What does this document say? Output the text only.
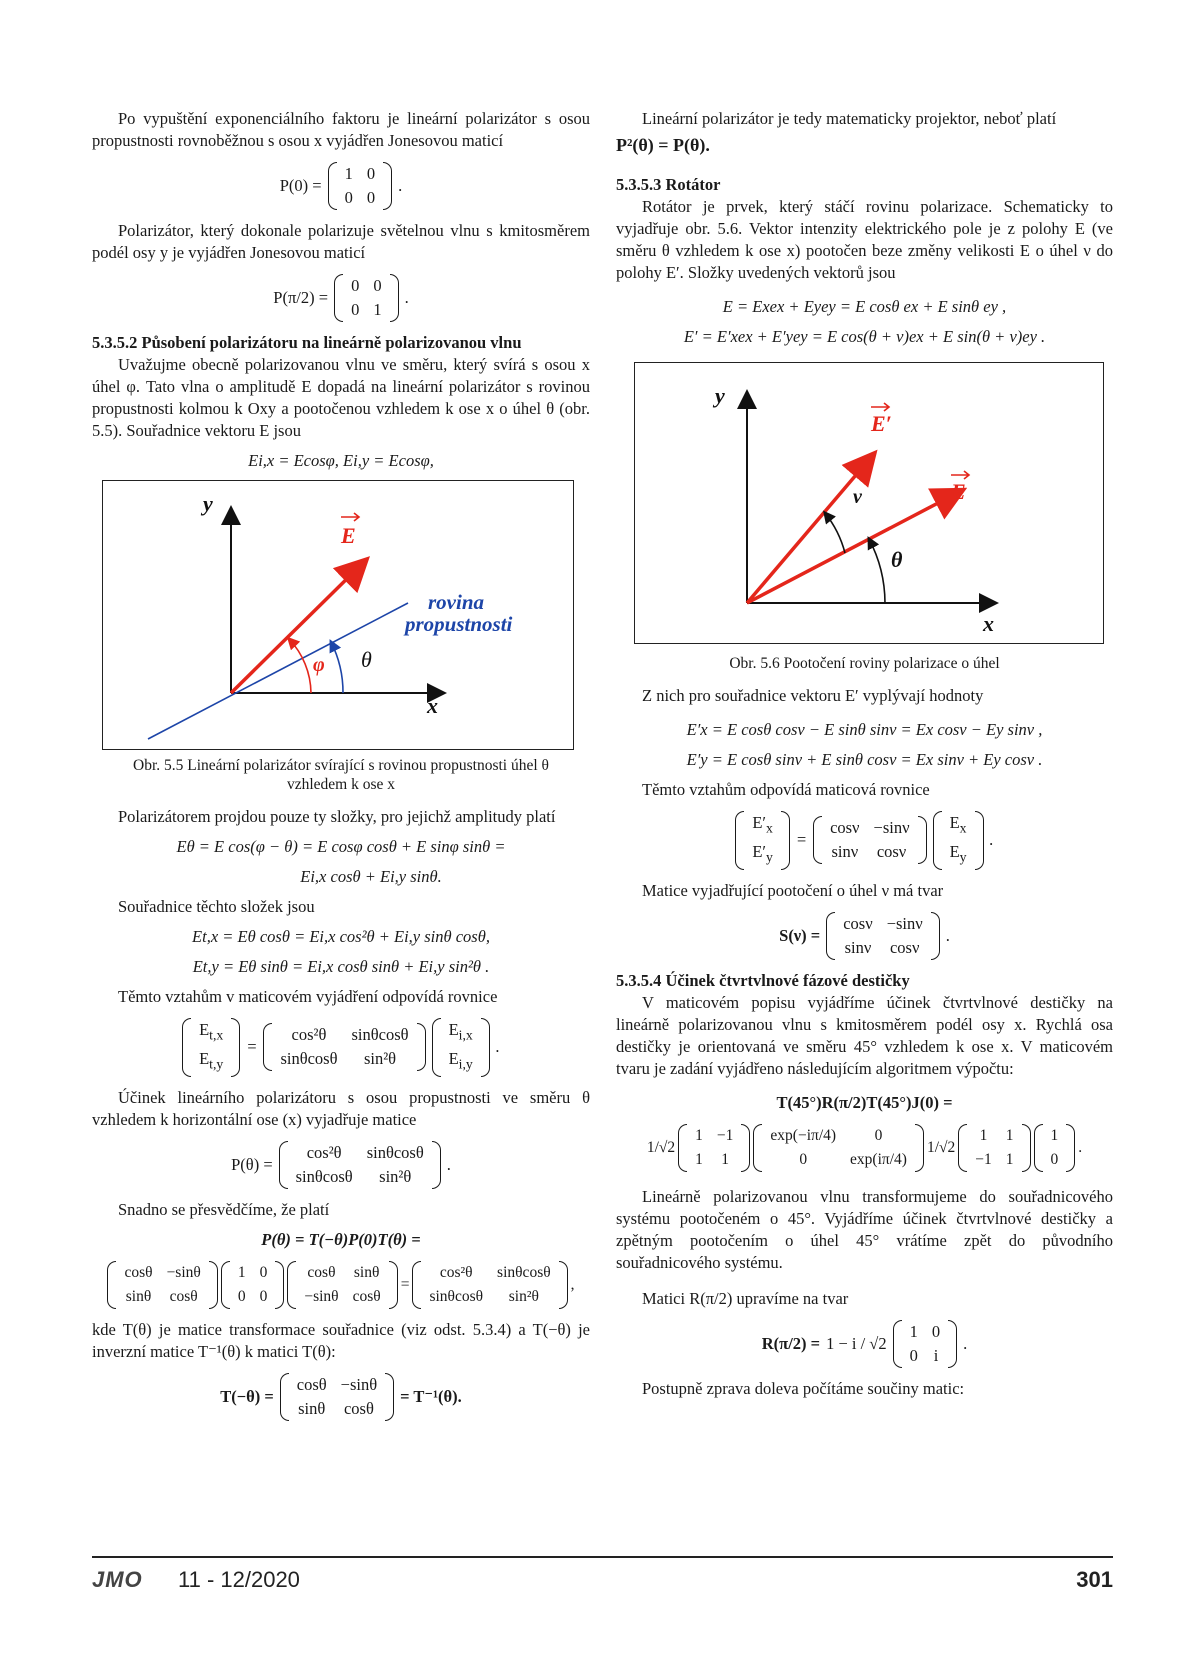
Po vypuštění exponenciálního faktoru je lineární polarizátor s osou propustnosti rovnoběžnou s osou x vyjádřen Jonesovou maticí

P(0) =
1	0
0	0
.

Polarizátor, který dokonale polarizuje světelnou vlnu s kmitosměrem podél osy y je vyjádřen Jonesovou maticí

P(π/2) =
0	0
0	1
.

5.3.5.2 Působení polarizátoru na lineárně polarizovanou vlnu

Uvažujme obecně polarizovanou vlnu ve směru, který svírá s osou x úhel φ. Tato vlna o amplitudě E dopadá na lineární polarizátor s rovinou propustnosti kolmou k Oxy a pootočenou vzhledem k ose x o úhel θ (obr. 5.5). Souřadnice vektoru E jsou

Ei,x = Ecosφ, Ei,y = Ecosφ,

y
x
E
rovina
propustnosti
φ θ

Obr. 5.5 Lineární polarizátor svírající s rovinou propustnosti úhel θ vzhledem k ose x

Polarizátorem projdou pouze ty složky, pro jejichž amplitudy platí

Eθ = E cos(φ − θ) = E cosφ cosθ + E sinφ sinθ =

Ei,x cosθ + Ei,y sinθ.

Souřadnice těchto složek jsou

Et,x = Eθ cosθ = Ei,x cos²θ + Ei,y sinθ cosθ,

Et,y = Eθ sinθ = Ei,x cosθ sinθ + Ei,y sin²θ .

Těmto vztahům v maticovém vyjádření odpovídá rovnice

$E_{t,x}$
$E_{t,y}$
=
cos²θ	sinθcosθ
sinθcosθ	sin²θ
$E_{i,x}$
$E_{i,y}$
.

Účinek lineárního polarizátoru s osou propustnosti ve směru θ vzhledem k horizontální ose (x) vyjadřuje matice

P(θ) =
cos²θ	sinθcosθ
sinθcosθ	sin²θ
.

Snadno se přesvědčíme, že platí

P(θ) = T(−θ)P(0)T(θ) =

cosθ	−sinθ
sinθ	cosθ
1	0
0	0
cosθ	sinθ
−sinθ	cosθ
=
cos²θ	sinθcosθ
sinθcosθ	sin²θ
,

kde T(θ) je matice transformace souřadnice (viz odst. 5.3.4) a T(−θ) je inverzní matice T⁻¹(θ) k matici T(θ):

T(−θ) =
cosθ	−sinθ
sinθ	cosθ
= T⁻¹(θ).

Lineární polarizátor je tedy matematicky projektor, neboť platí

P²(θ) = P(θ).

5.3.5.3 Rotátor

Rotátor je prvek, který stáčí rovinu polarizace. Schematicky to vyjadřuje obr. 5.6. Vektor intenzity elektrického pole je z polohy E (ve směru θ vzhledem k ose x) pootočen beze změny velikosti E o úhel ν do polohy E′. Složky uvedených vektorů jsou

E = Exex + Eyey = E cosθ ex + E sinθ ey ,

E′ = E′xex + E′yey = E cos(θ + ν)ex + E sin(θ + ν)ey .

y
x
E′
E
ν
θ

Obr. 5.6 Pootočení roviny polarizace o úhel

Z nich pro souřadnice vektoru E′ vyplývají hodnoty

E′x = E cosθ cosν − E sinθ sinν = Ex cosν − Ey sinν ,

E′y = E cosθ sinν + E sinθ cosν = Ex sinν + Ey cosν .

Těmto vztahům odpovídá maticová rovnice

$E'_x$
$E'_y$
=
cosν	−sinν
sinν	cosν
$E_x$
$E_y$
.

Matice vyjadřující pootočení o úhel ν má tvar

S(ν) =
cosν	−sinν
sinν	cosν
.

5.3.5.4 Účinek čtvrtvlnové fázové destičky

V maticovém popisu vyjádříme účinek čtvrtvlnové destičky na lineárně polarizovanou vlnu s kmitosměrem podél osy x. Rychlá osa destičky je orientovaná ve směru 45° vzhledem k ose x. V maticovém tvaru je zadání vyjádřeno následujícím algoritmem výpočtu:

T(45°)R(π/2)T(45°)J(0) =

1/√2
1	−1
1	1
exp(−iπ/4)	0
0	exp(iπ/4)
1/√2
1	1
−1	1
1
0
.

Lineárně polarizovanou vlnu transformujeme do souřadnicového systému pootočeném o 45°. Vyjádříme účinek čtvrtvlnové destičky a zpětným pootočením o úhel 45° vrátíme zpět do původního souřadnicového systému.

Matici R(π/2) upravíme na tvar

R(π/2) = 1 − i / √2
1	0
0	i
.

Postupně zprava doleva počítáme součiny matic:

JMO 11 - 12/2020	301
